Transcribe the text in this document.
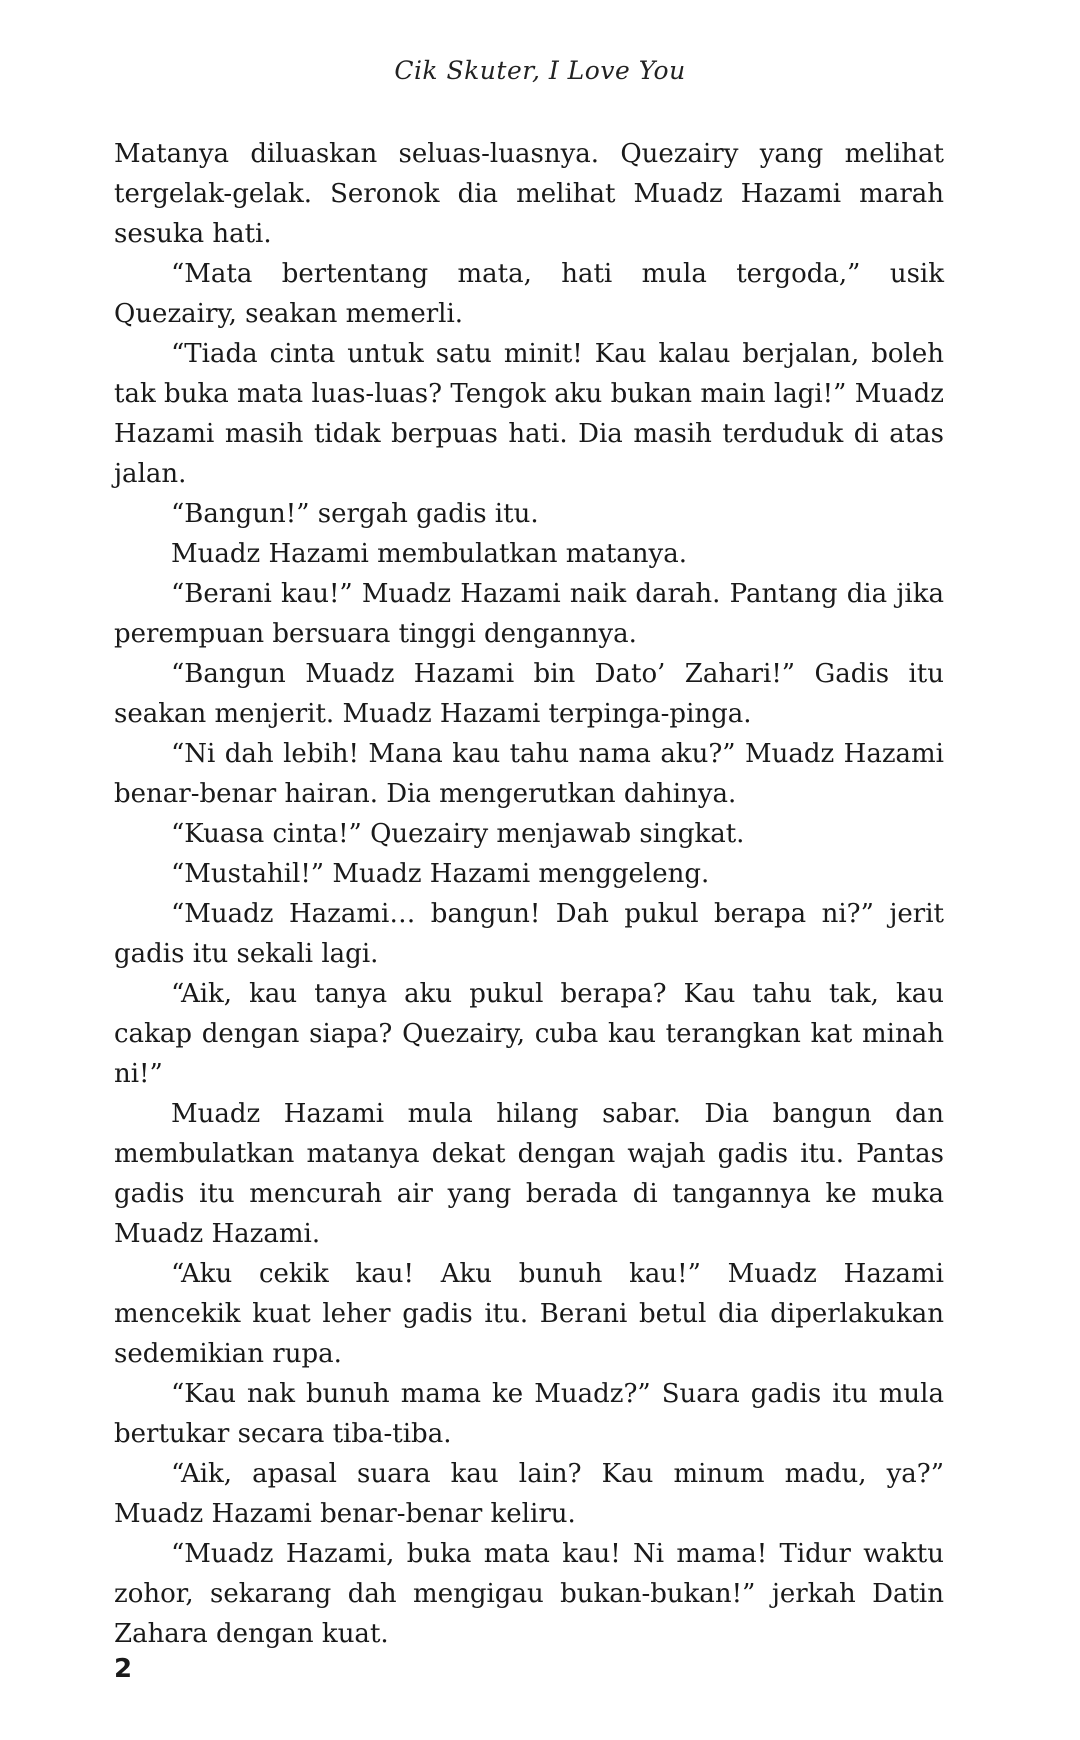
Cik Skuter, I Love You

Matanya diluaskan seluas-luasnya. Quezairy yang melihat tergelak-gelak. Seronok dia melihat Muadz Hazami marah sesuka hati.

“Mata bertentang mata, hati mula tergoda,” usik Quezairy, seakan memerli.

“Tiada cinta untuk satu minit! Kau kalau berjalan, boleh tak buka mata luas-luas? Tengok aku bukan main lagi!” Muadz Hazami masih tidak berpuas hati. Dia masih terduduk di atas jalan.

“Bangun!” sergah gadis itu.

Muadz Hazami membulatkan matanya.

“Berani kau!” Muadz Hazami naik darah. Pantang dia jika perempuan bersuara tinggi dengannya.

“Bangun Muadz Hazami bin Dato’ Zahari!” Gadis itu seakan menjerit. Muadz Hazami terpinga-pinga.

“Ni dah lebih! Mana kau tahu nama aku?” Muadz Hazami benar-benar hairan. Dia mengerutkan dahinya.

“Kuasa cinta!” Quezairy menjawab singkat.

“Mustahil!” Muadz Hazami menggeleng.

“Muadz Hazami… bangun! Dah pukul berapa ni?” jerit gadis itu sekali lagi.

“Aik, kau tanya aku pukul berapa? Kau tahu tak, kau cakap dengan siapa? Quezairy, cuba kau terangkan kat minah ni!”

Muadz Hazami mula hilang sabar. Dia bangun dan membulatkan matanya dekat dengan wajah gadis itu. Pantas gadis itu mencurah air yang berada di tangannya ke muka Muadz Hazami.

“Aku cekik kau! Aku bunuh kau!” Muadz Hazami mencekik kuat leher gadis itu. Berani betul dia diperlakukan sedemikian rupa.

“Kau nak bunuh mama ke Muadz?” Suara gadis itu mula bertukar secara tiba-tiba.

“Aik, apasal suara kau lain? Kau minum madu, ya?” Muadz Hazami benar-benar keliru.

“Muadz Hazami, buka mata kau! Ni mama! Tidur waktu zohor, sekarang dah mengigau bukan-bukan!” jerkah Datin Zahara dengan kuat.

2
